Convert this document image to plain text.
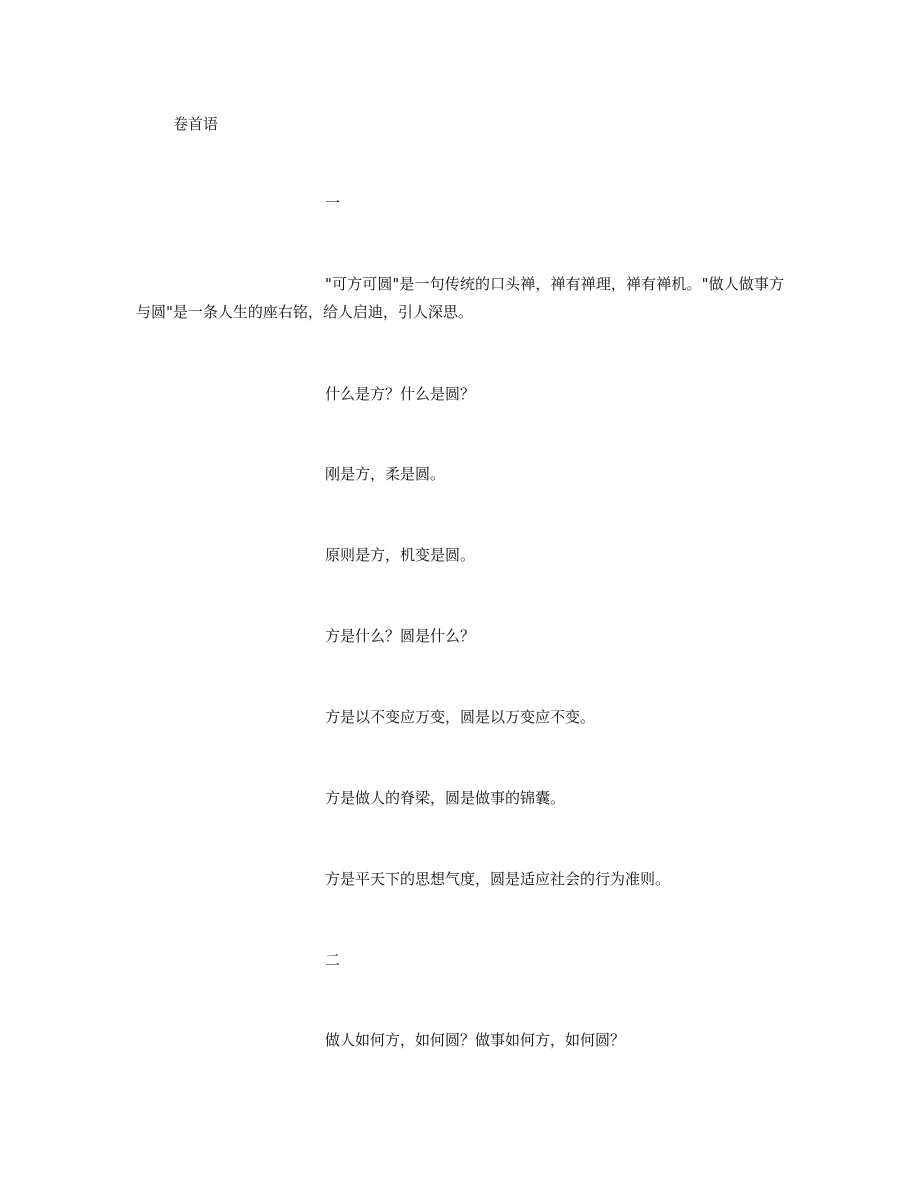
卷首语

一

"可方可圆"是一句传统的口头禅，禅有禅理，禅有禅机。"做人做事方与圆"是一条人生的座右铭，给人启迪，引人深思。

什么是方？什么是圆？

刚是方，柔是圆。

原则是方，机变是圆。

方是什么？圆是什么？

方是以不变应万变，圆是以万变应不变。

方是做人的脊梁，圆是做事的锦囊。

方是平天下的思想气度，圆是适应社会的行为准则。

二

做人如何方，如何圆？做事如何方，如何圆？
